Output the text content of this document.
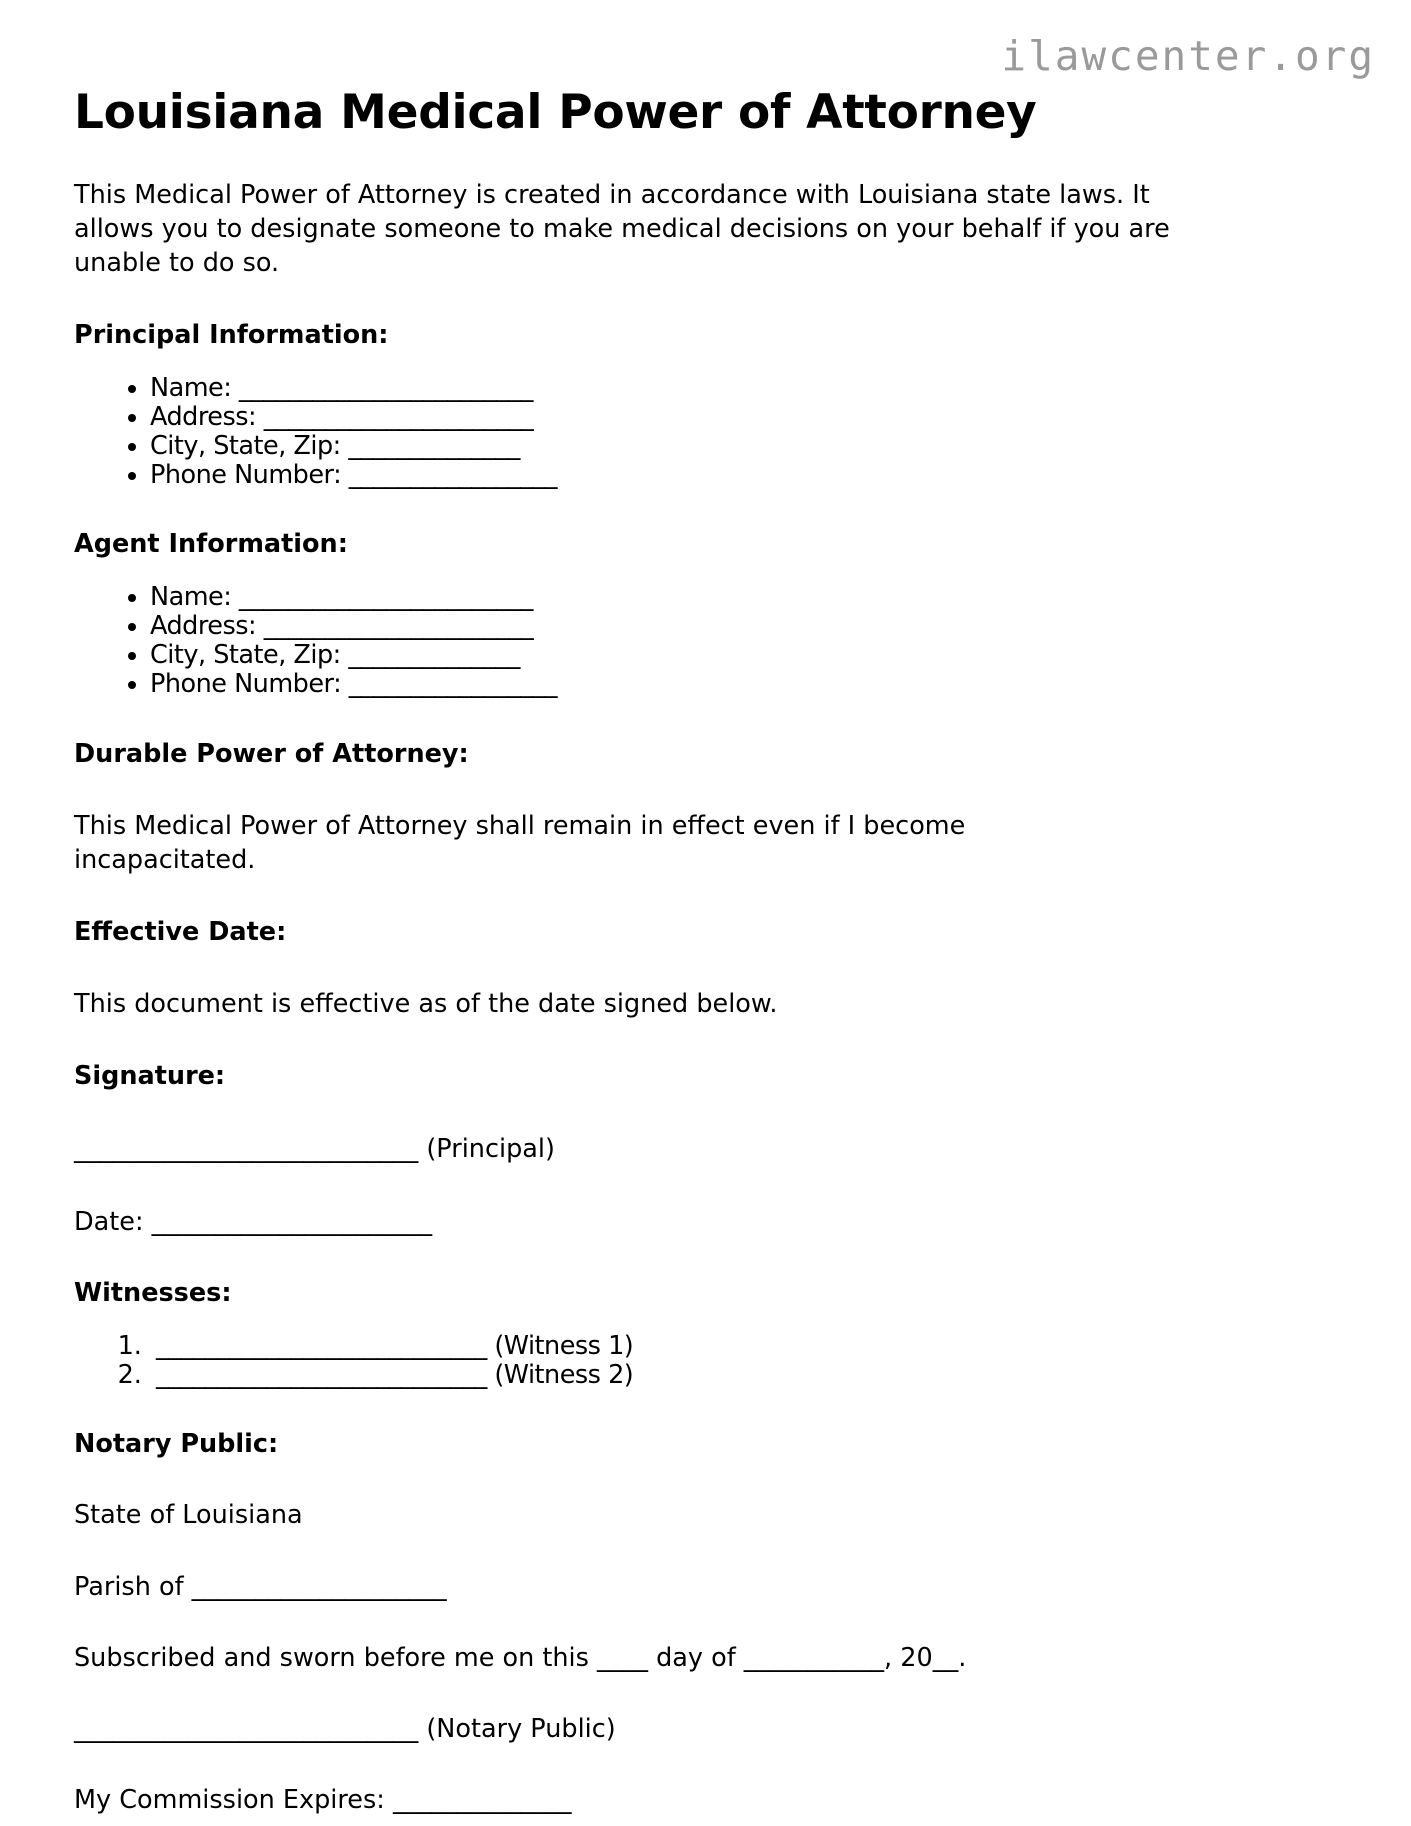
ilawcenter.org
Louisiana Medical Power of Attorney

This Medical Power of Attorney is created in accordance with Louisiana state laws. It allows you to designate someone to make medical decisions on your behalf if you are unable to do so.

Principal Information:
• Name: ________________________
• Address: ______________________
• City, State, Zip: ______________
• Phone Number: _________________
Agent Information:
• Name: ________________________
• Address: ______________________
• City, State, Zip: ______________
• Phone Number: _________________
Durable Power of Attorney:

This Medical Power of Attorney shall remain in effect even if I become incapacitated.

Effective Date:

This document is effective as of the date signed below.

Signature:
___________________________ (Principal)
Date: ______________________
Witnesses:
1. ___________________________ (Witness 1)
2. ___________________________ (Witness 2)
Notary Public:
State of Louisiana
Parish of ____________________
Subscribed and sworn before me on this ____ day of ___________, 20__.
___________________________ (Notary Public)
My Commission Expires: ______________
